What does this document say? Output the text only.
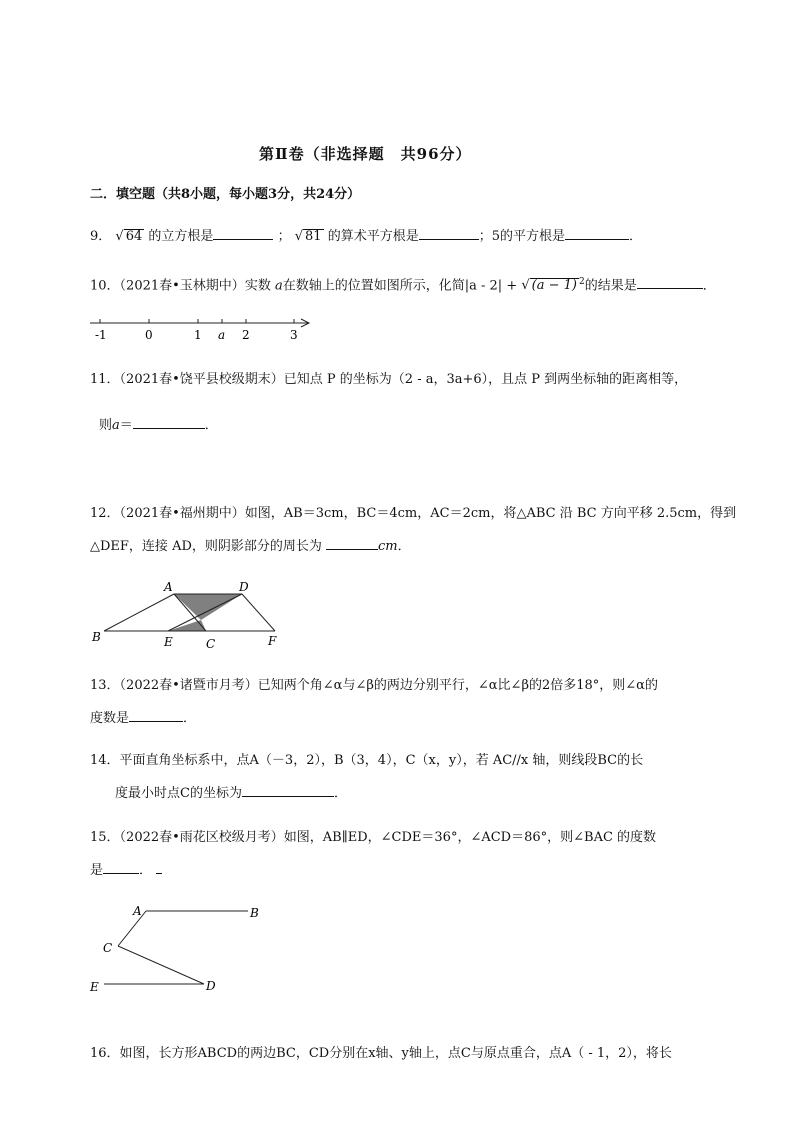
第Ⅱ卷（非选择题　共96分）
二．填空题（共8小题，每小题3分，共24分）
9． √ 64 的立方根是	； √ 81 的算术平方根是	；5的平方根是	．
10．（2021春•玉林期中）实数 a在数轴上的位置如图所示，化简|a - 2| + √ (a − 1) $^2$的结果是	．
-1	0	1 a 2	3
11．（2021春•饶平县校级期末）已知点 P 的坐标为（2 - a，3a+6），且点 P 到两坐标轴的距离相等，
则a＝	．
12．（2021春•福州期中）如图，AB＝3cm，BC＝4cm，AC＝2cm，将△ABC 沿 BC 方向平移 2.5cm，得到
△DEF，连接 AD，则阴影部分的周长为	cm．
A	D
B	E	C	F
13．（2022春•诸暨市月考）已知两个角∠α与∠β的两边分别平行，∠α比∠β的2倍多18°，则∠α的
度数是	．
14．平面直角坐标系中，点A（－3，2），B（3，4），C（x，y），若 AC//x 轴，则线段BC的长
度最小时点C的坐标为	．
15．（2022春•雨花区校级月考）如图，AB∥ED，∠CDE＝36°，∠ACD＝86°，则∠BAC 的度数
是	．
A	B
C
E	D
16．如图，长方形ABCD的两边BC，CD分别在x轴、y轴上，点C与原点重合，点A（ - 1，2），将长
